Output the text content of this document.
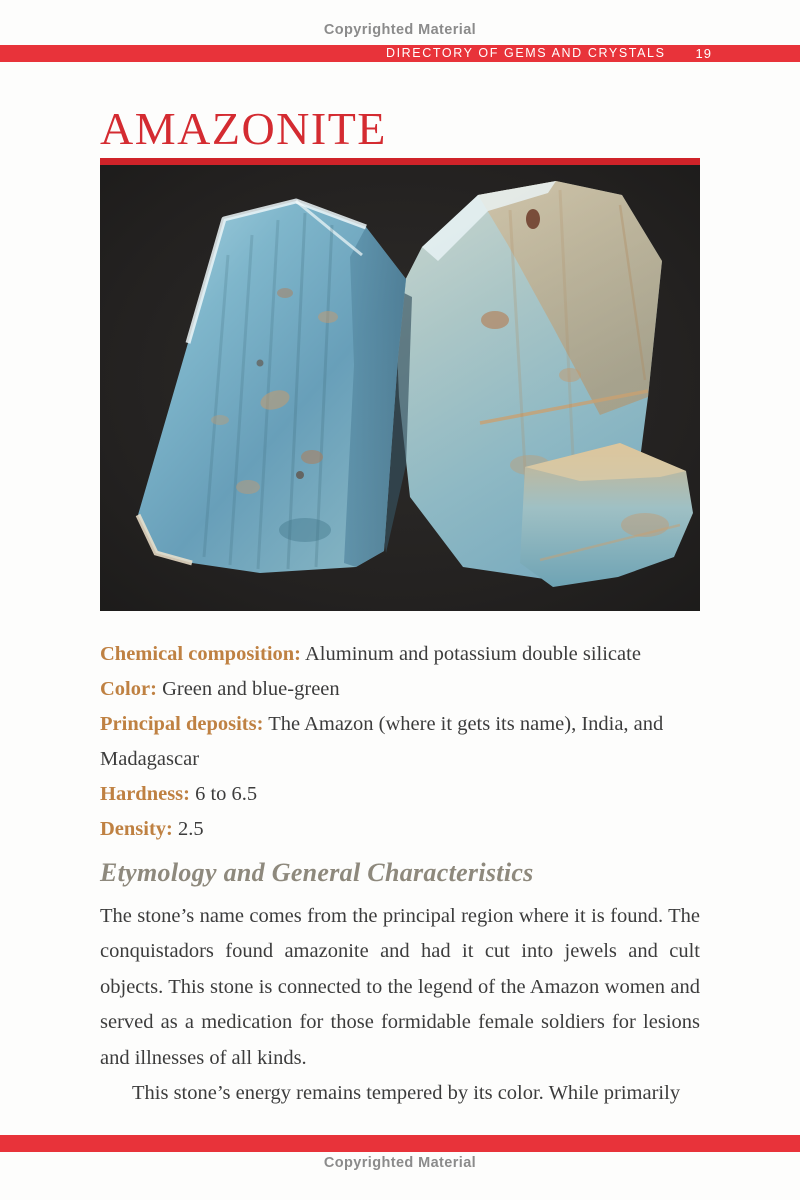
Copyrighted Material
DIRECTORY OF GEMS AND CRYSTALS 19
AMAZONITE

Chemical composition: Aluminum and potassium double silicate

Color: Green and blue-green

Principal deposits: The Amazon (where it gets its name), India, and Madagascar

Hardness: 6 to 6.5

Density: 2.5

Etymology and General Characteristics

The stone’s name comes from the principal region where it is found. The conquistadors found amazonite and had it cut into jewels and cult objects. This stone is connected to the legend of the Amazon women and served as a medication for those formidable female soldiers for lesions and illnesses of all kinds.

This stone’s energy remains tempered by its color. While primarily

Copyrighted Material
